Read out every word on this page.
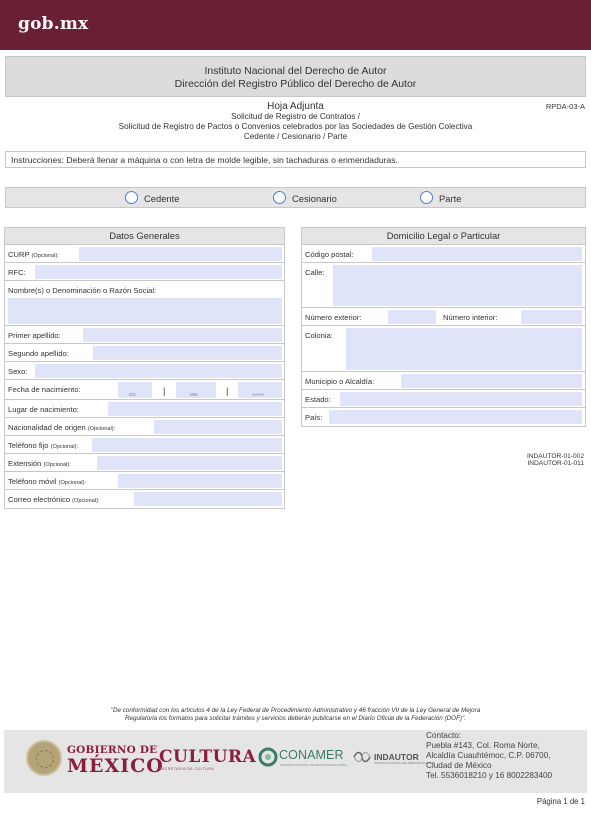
gob.mx
Instituto Nacional del Derecho de Autor
Dirección del Registro Público del Derecho de Autor
Hoja Adjunta
Solicitud de Registro de Contratos /
Solicitud de Registro de Pactos o Convenios celebrados por las Sociedades de Gestión Colectiva
Cedente / Cesionario / Parte
RPDA-03-A
Instrucciones: Deberá llenar a máquina o con letra de molde legible, sin tachaduras o enmendaduras.
Cedente	Cesionario	Parte
Datos Generales
CURP (Opcional):
RFC:
Nombre(s) o Denominación o Razón Social:
Primer apellido:
Segundo apellido:
Sexo:
Fecha de nacimiento:
DD	|	MM	|	AAAA
Lugar de nacimiento:
Nacionalidad de origen (Opcional):
Teléfono fijo (Opcional):
Extensión (Opcional):
Teléfono móvil (Opcional):
Correo electrónico (Opcional):
Domicilio Legal o Particular
Código postal:
Calle:
Número exterior:	Número interior:
Colonia:
Municipio o Alcaldía:
Estado:
País:
INDAUTOR-01-002
INDAUTOR-01-011
"De conformidad con los artículos 4 de la Ley Federal de Procedimiento Administrativo y 46 fracción VII de la Ley General de Mejora
Regulatoria los formatos para solicitar trámites y servicios deberán publicarse en el Diario Oficial de la Federación (DOF)".
GOBIERNO DE
MÉXICO
CULTURA
SECRETARÍA DE CULTURA
CONAMER
COMISIÓN NACIONAL DE MEJORA REGULATORIA
INDAUTOR
INSTITUTO NACIONAL DEL DERECHO DE AUTOR
Contacto:
Puebla #143, Col. Roma Norte,
Alcaldía Cuauhtémoc, C.P. 06700,
Ciudad de México
Tel. 5536018210 y 16 8002283400
Página 1 de 1
